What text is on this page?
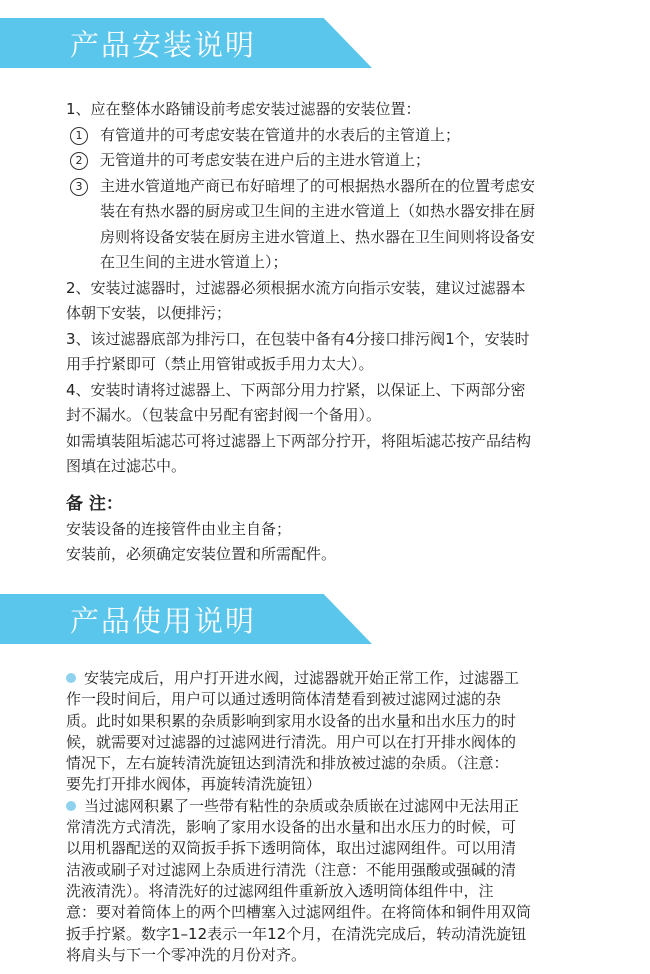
产品安装说明
1、应在整体水路铺设前考虑安装过滤器的安装位置：
1	有管道井的可考虑安装在管道井的水表后的主管道上；
2	无管道井的可考虑安装在进户后的主进水管道上；
3	主进水管道地产商已布好暗埋了的可根据热水器所在的位置考虑安
装在有热水器的厨房或卫生间的主进水管道上（如热水器安排在厨
房则将设备安装在厨房主进水管道上、热水器在卫生间则将设备安
在卫生间的主进水管道上）；
2、安装过滤器时，过滤器必须根据水流方向指示安装，建议过滤器本
体朝下安装，以便排污；
3、该过滤器底部为排污口，在包装中备有4分接口排污阀1个，安装时
用手拧紧即可（禁止用管钳或扳手用力太大）。
4、安装时请将过滤器上、下两部分用力拧紧，以保证上、下两部分密
封不漏水。（包装盒中另配有密封阀一个备用）。
如需填装阻垢滤芯可将过滤器上下两部分拧开，将阻垢滤芯按产品结构
图填在过滤芯中。
备 注：
安装设备的连接管件由业主自备；
安装前，必须确定安装位置和所需配件。
产品使用说明
安装完成后，用户打开进水阀，过滤器就开始正常工作，过滤器工
作一段时间后，用户可以通过透明筒体清楚看到被过滤网过滤的杂
质。此时如果积累的杂质影响到家用水设备的出水量和出水压力的时
候，就需要对过滤器的过滤网进行清洗。用户可以在打开排水阀体的
情况下，左右旋转清洗旋钮达到清洗和排放被过滤的杂质。（注意：
要先打开排水阀体，再旋转清洗旋钮）
当过滤网积累了一些带有粘性的杂质或杂质嵌在过滤网中无法用正
常清洗方式清洗，影响了家用水设备的出水量和出水压力的时候，可
以用机器配送的双筒扳手拆下透明筒体，取出过滤网组件。可以用清
洁液或刷子对过滤网上杂质进行清洗（注意：不能用强酸或强碱的清
洗液清洗）。将清洗好的过滤网组件重新放入透明筒体组件中，注
意：要对着筒体上的两个凹槽塞入过滤网组件。在将筒体和铜件用双筒
扳手拧紧。数字1–12表示一年12个月，在清洗完成后，转动清洗旋钮
将肩头与下一个零冲洗的月份对齐。
